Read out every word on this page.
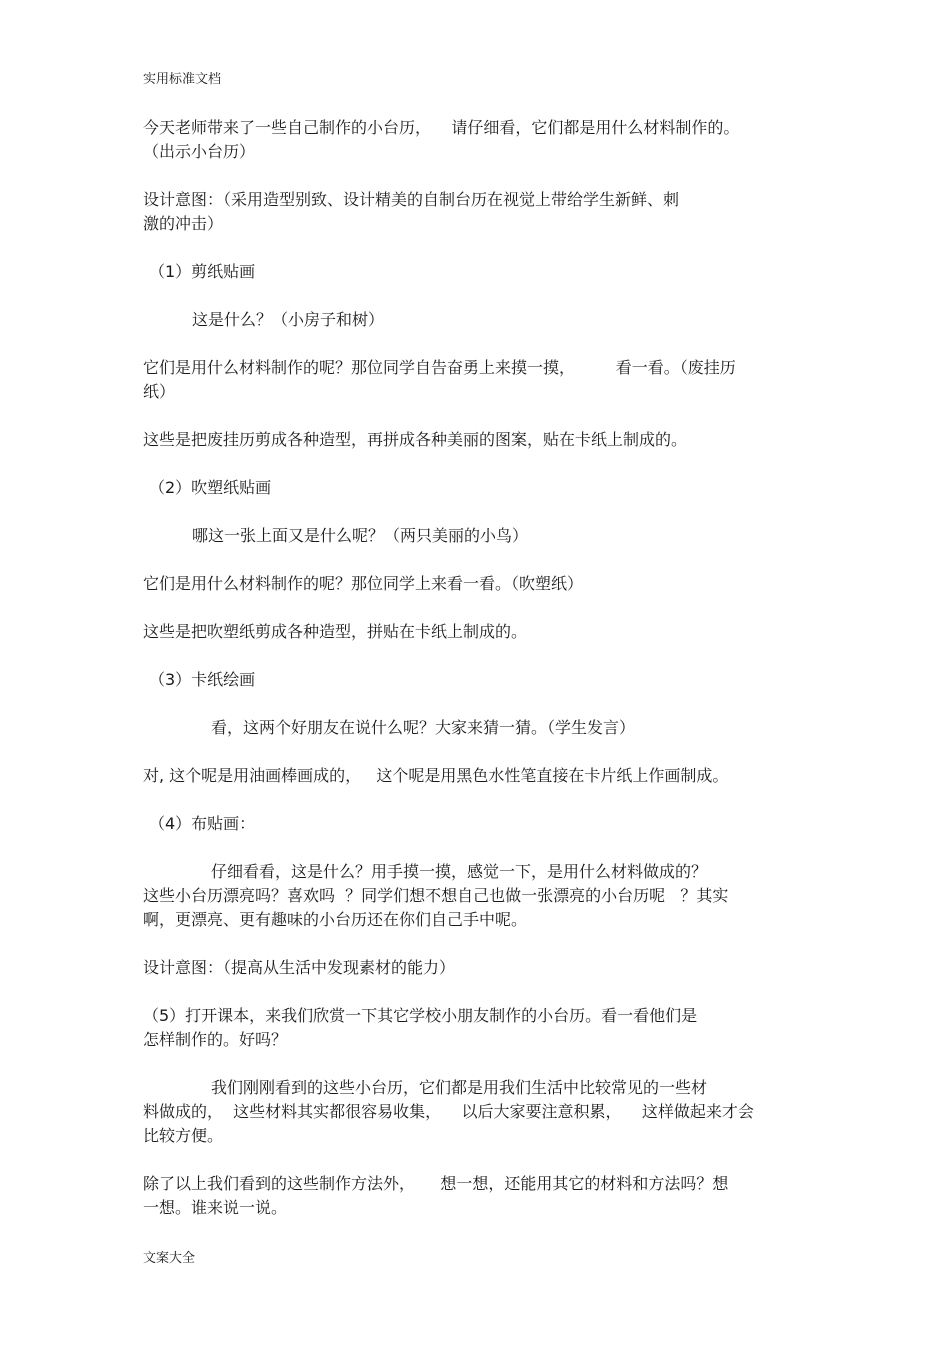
实用标准文档

今天老师带来了一些自己制作的小台历，    请仔细看，它们都是用什么材料制作的。
（出示小台历）

设计意图：（采用造型别致、设计精美的自制台历在视觉上带给学生新鲜、刺
激的冲击）

（1）剪纸贴画

这是什么？（小房子和树）

它们是用什么材料制作的呢？那位同学自告奋勇上来摸一摸，        看一看。（废挂历
纸）

这些是把废挂历剪成各种造型，再拼成各种美丽的图案，贴在卡纸上制成的。

（2）吹塑纸贴画

哪这一张上面又是什么呢？（两只美丽的小鸟）

它们是用什么材料制作的呢？那位同学上来看一看。（吹塑纸）

这些是把吹塑纸剪成各种造型，拼贴在卡纸上制成的。

（3）卡纸绘画

看，这两个好朋友在说什么呢？大家来猜一猜。（学生发言）

对, 这个呢是用油画棒画成的，   这个呢是用黑色水性笔直接在卡片纸上作画制成。

（4）布贴画：

仔细看看，这是什么？用手摸一摸，感觉一下，是用什么材料做成的？
这些小台历漂亮吗？喜欢吗  ？同学们想不想自己也做一张漂亮的小台历呢   ？其实
啊，更漂亮、更有趣味的小台历还在你们自己手中呢。

设计意图：（提高从生活中发现素材的能力）

（5）打开课本，来我们欣赏一下其它学校小朋友制作的小台历。看一看他们是
怎样制作的。好吗？

我们刚刚看到的这些小台历，它们都是用我们生活中比较常见的一些材
料做成的，  这些材料其实都很容易收集，    以后大家要注意积累，    这样做起来才会
比较方便。

除了以上我们看到的这些制作方法外，     想一想，还能用其它的材料和方法吗？想
一想。谁来说一说。

文案大全
